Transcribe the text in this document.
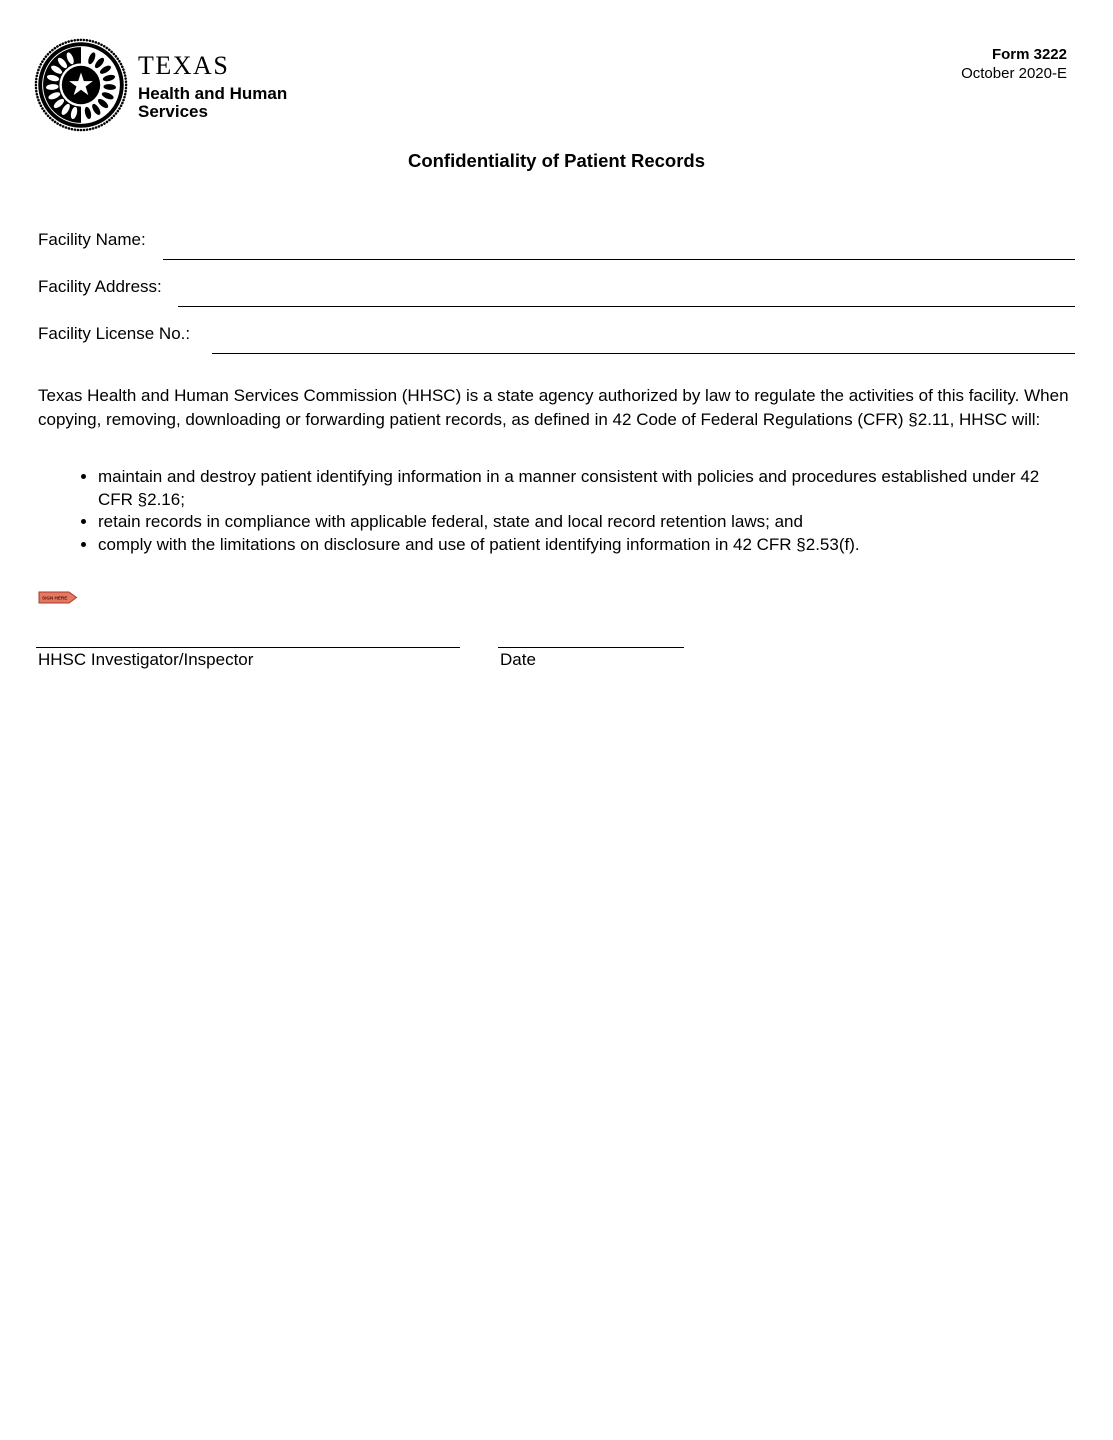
TEXAS
Health and Human
Services
Form 3222
October 2020-E
Confidentiality of Patient Records
Facility Name:
Facility Address:
Facility License No.:
Texas Health and Human Services Commission (HHSC) is a state agency authorized by law to regulate the activities of this facility. When copying, removing, downloading or forwarding patient records, as defined in 42 Code of Federal Regulations (CFR) §2.11, HHSC will:
• maintain and destroy patient identifying information in a manner consistent with policies and procedures established under 42 CFR §2.16;
• retain records in compliance with applicable federal, state and local record retention laws; and
• comply with the limitations on disclosure and use of patient identifying information in 42 CFR §2.53(f).
SIGN HERE
HHSC Investigator/Inspector	Date
